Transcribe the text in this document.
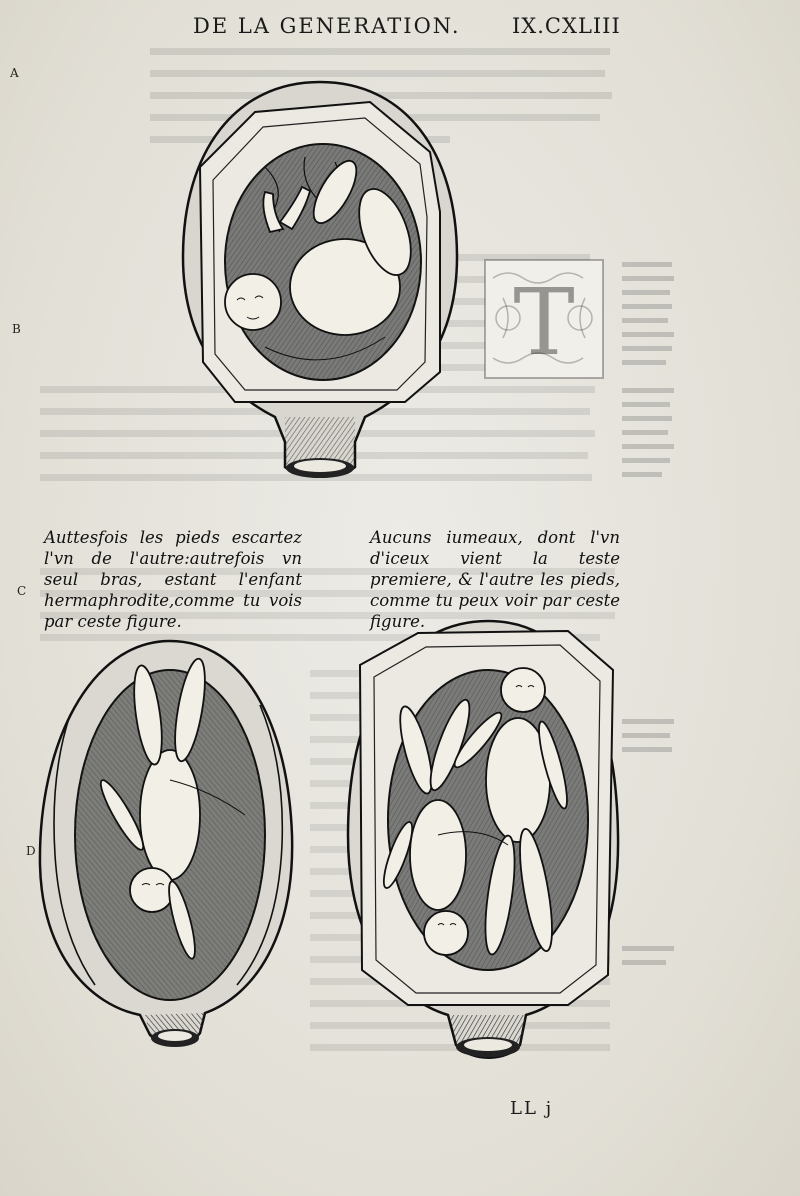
DE LA GENERATION. IX.CXLIII
A
B
C
D
T
Auttesfois les pieds escartez l'vn de l'autre:autrefois vn seul bras, estant l'enfant hermaphrodite,comme tu vois par ceste figure.
Aucuns iumeaux, dont l'vn d'iceux vient la teste premiere, & l'autre les pieds, comme tu peux voir par ceste figure.
LL j
